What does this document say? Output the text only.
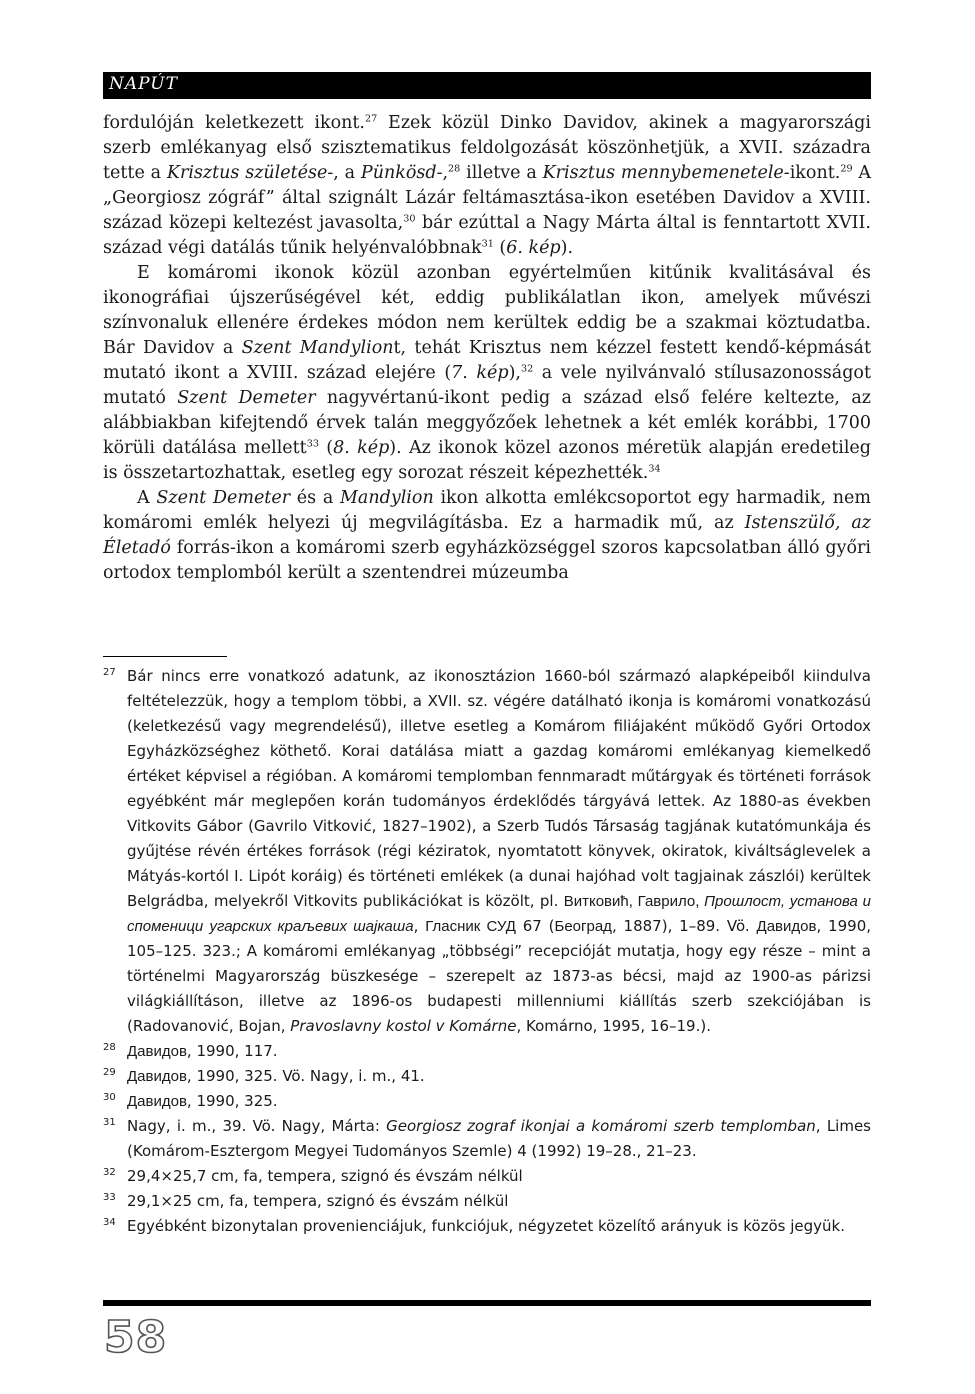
NAPÚT

fordulóján keletkezett ikont.$^{27}$ Ezek közül Dinko Davidov, akinek a magyarországi szerb emlékanyag első szisztematikus feldolgozását köszönhetjük, a XVII. századra tette a Krisztus születése-, a Pünkösd-,$^{28}$ illetve a Krisztus mennybemenetele-ikont.$^{29}$ A „Georgiosz zógráf” által szignált Lázár feltámasztása-ikon esetében Davidov a XVIII. század közepi keltezést javasolta,$^{30}$ bár ezúttal a Nagy Márta által is fenntartott XVII. század végi datálás tűnik helyénvalóbbnak$^{31}$ (6. kép).

E komáromi ikonok közül azonban egyértelműen kitűnik kvalitásával és ikonográfiai újszerűségével két, eddig publikálatlan ikon, amelyek művészi színvonaluk ellenére érdekes módon nem kerültek eddig be a szakmai köztudatba. Bár Davidov a Szent Mandyliont, tehát Krisztus nem kézzel festett kendő-képmását mutató ikont a XVIII. század elejére (7. kép),$^{32}$ a vele nyilvánvaló stílusazonosságot mutató Szent Demeter nagyvértanú-ikont pedig a század első felére keltezte, az alábbiakban kifejtendő érvek talán meggyőzőek lehetnek a két emlék korábbi, 1700 körüli datálása mellett$^{33}$ (8. kép). Az ikonok közel azonos méretük alapján eredetileg is összetartozhattak, esetleg egy sorozat részeit képezhették.$^{34}$

A Szent Demeter és a Mandylion ikon alkotta emlékcsoportot egy harmadik, nem komáromi emlék helyezi új megvilágításba. Ez a harmadik mű, az Istenszülő, az Életadó forrás-ikon a komáromi szerb egyházközséggel szoros kapcsolatban álló győri ortodox templomból került a szentendrei múzeumba

27 Bár nincs erre vonatkozó adatunk, az ikonosztázion 1660-ból származó alapképeiből kiindulva feltételezzük, hogy a templom többi, a XVII. sz. végére datálható ikonja is komáromi vonatkozású (keletkezésű vagy megrendelésű), illetve esetleg a Komárom filiájaként működő Győri Ortodox Egyházközséghez köthető. Korai datálása miatt a gazdag komáromi emlékanyag kiemelkedő értéket képvisel a régióban. A komáromi templomban fennmaradt műtárgyak és történeti források egyébként már meglepően korán tudományos érdeklődés tárgyává lettek. Az 1880-as években Vitkovits Gábor (Gavrilo Vitković, 1827–1902), a Szerb Tudós Társaság tagjának kutatómunkája és gyűjtése révén értékes források (régi kéziratok, nyomtatott könyvek, okiratok, kiváltságlevelek a Mátyás-kortól I. Lipót koráig) és történeti emlékek (a dunai hajóhad volt tagjainak zászlói) kerültek Belgrádba, melyekről Vitkovits publikációkat is közölt, pl. Витковић, Гаврило, Прошлост, установа и споменици угарских краљевих шајкаша, Гласник СУД 67 (Београд, 1887), 1–89. Vö. Давидов, 1990, 105–125. 323.; A komáromi emlékanyag „többségi” recepcióját mutatja, hogy egy része – mint a történelmi Magyarország büszkesége – szerepelt az 1873-as bécsi, majd az 1900-as párizsi világkiállításon, illetve az 1896-os budapesti millenniumi kiállítás szerb szekciójában is (Radovanović, Bojan, Pravoslavny kostol v Komárne, Komárno, 1995, 16–19.).
28 Давидов, 1990, 117.
29 Давидов, 1990, 325. Vö. Nagy, i. m., 41.
30 Давидов, 1990, 325.
31 Nagy, i. m., 39. Vö. Nagy, Márta: Georgiosz zograf ikonjai a komáromi szerb templomban, Limes (Komárom-Esztergom Megyei Tudományos Szemle) 4 (1992) 19–28., 21–23.
32 29,4×25,7 cm, fa, tempera, szignó és évszám nélkül
33 29,1×25 cm, fa, tempera, szignó és évszám nélkül
34 Egyébként bizonytalan provenienciájuk, funkciójuk, négyzetet közelítő arányuk is közös jegyük.
58
